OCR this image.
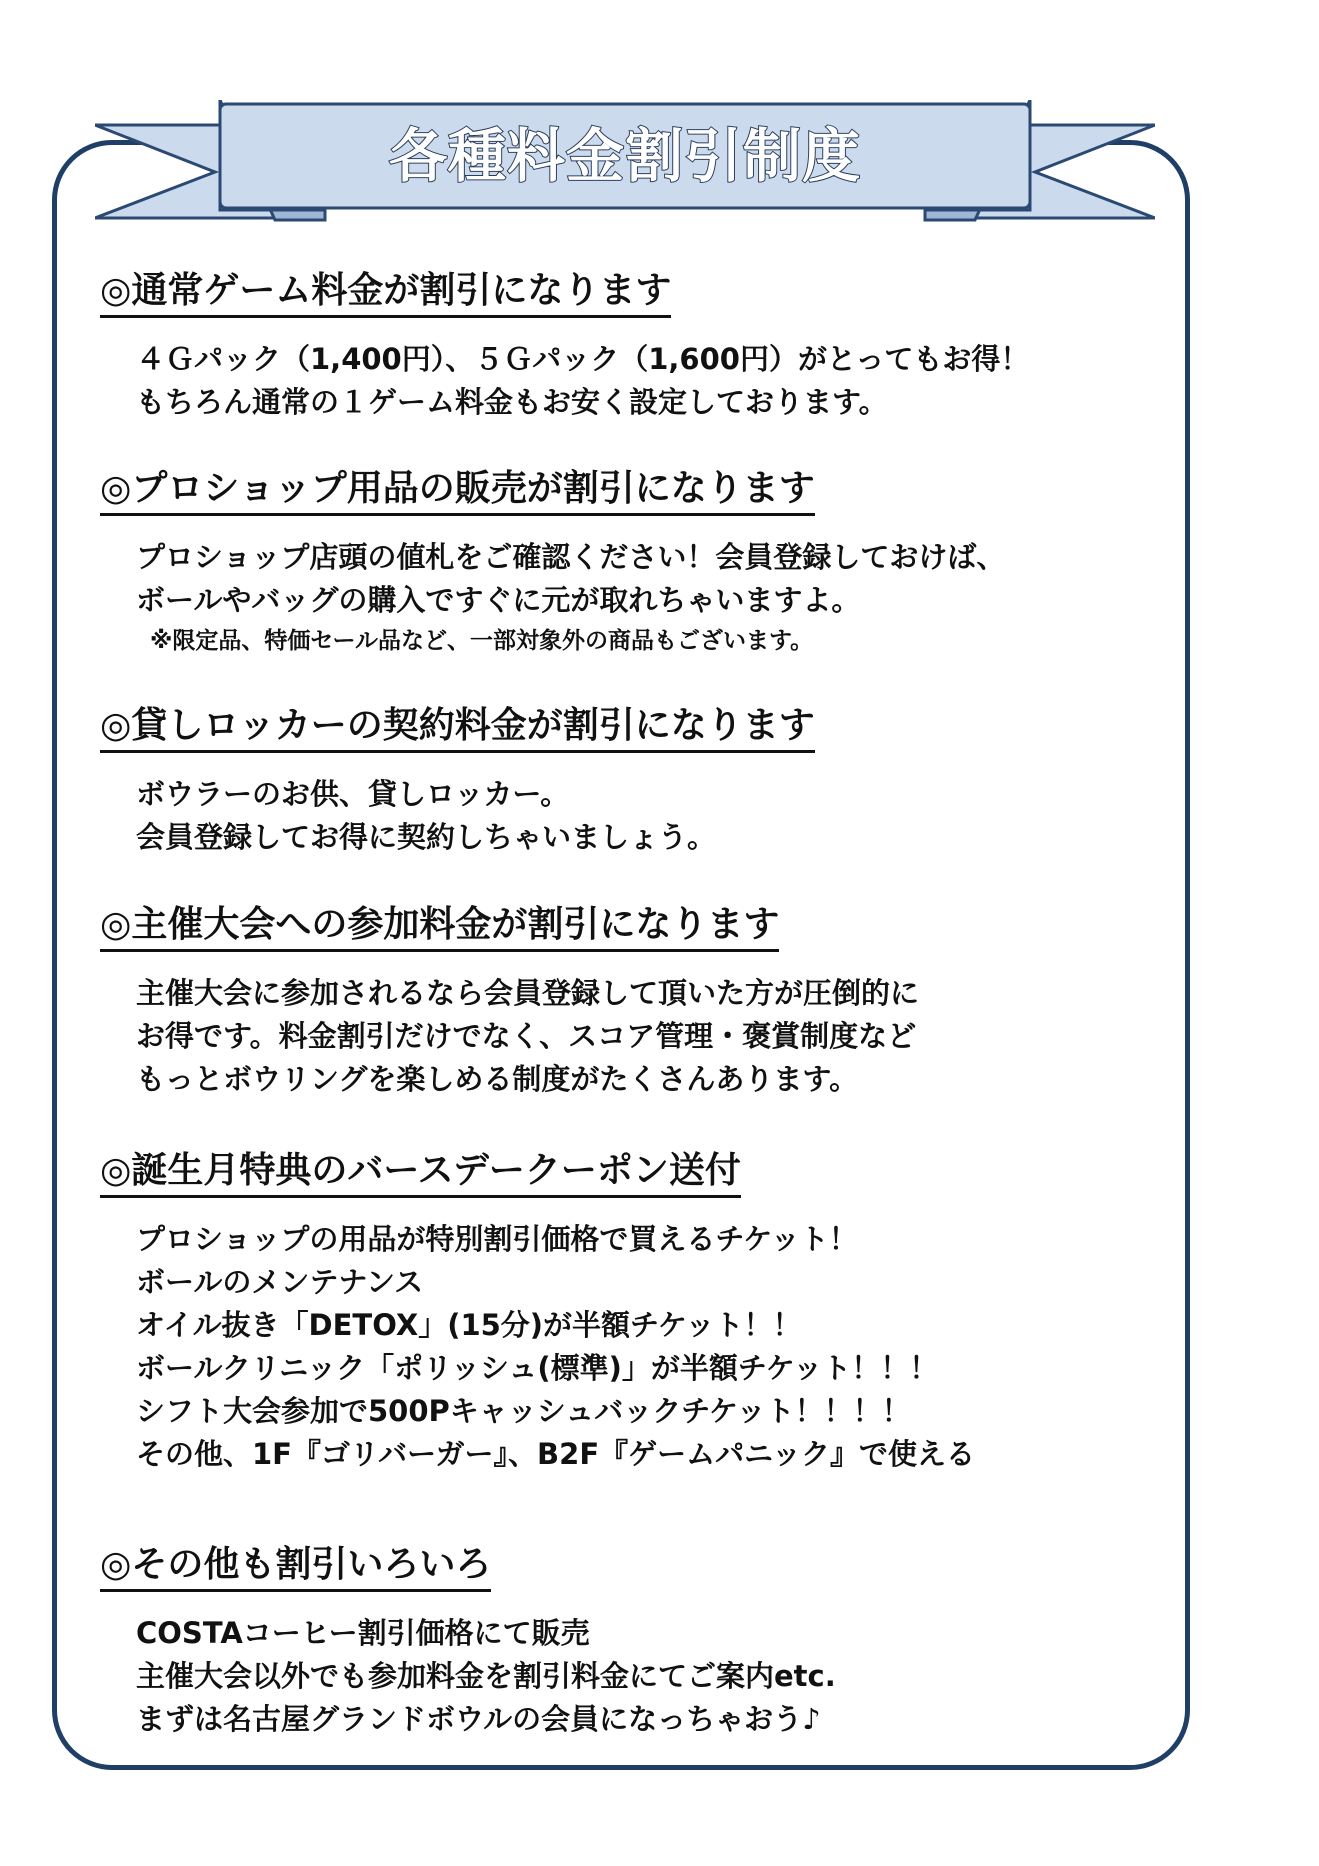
各種料金割引制度
◎通常ゲーム料金が割引になります
４Ｇパック（1,400円）、５Ｇパック（1,600円）がとってもお得！
もちろん通常の１ゲーム料金もお安く設定しております。
◎プロショップ用品の販売が割引になります
プロショップ店頭の値札をご確認ください！会員登録しておけば、
ボールやバッグの購入ですぐに元が取れちゃいますよ。
※限定品、特価セール品など、一部対象外の商品もございます。
◎貸しロッカーの契約料金が割引になります
ボウラーのお供、貸しロッカー。
会員登録してお得に契約しちゃいましょう。
◎主催大会への参加料金が割引になります
主催大会に参加されるなら会員登録して頂いた方が圧倒的に
お得です。料金割引だけでなく、スコア管理・褒賞制度など
もっとボウリングを楽しめる制度がたくさんあります。
◎誕生月特典のバースデークーポン送付
プロショップの用品が特別割引価格で買えるチケット！
ボールのメンテナンス
オイル抜き「DETOX」(15分)が半額チケット！！
ボールクリニック「ポリッシュ(標準)」が半額チケット！！！
シフト大会参加で500Pキャッシュバックチケット！！！！
その他、1F『ゴリバーガー』、B2F『ゲームパニック』で使える
◎その他も割引いろいろ
COSTAコーヒー割引価格にて販売
主催大会以外でも参加料金を割引料金にてご案内etc.
まずは名古屋グランドボウルの会員になっちゃおう♪
